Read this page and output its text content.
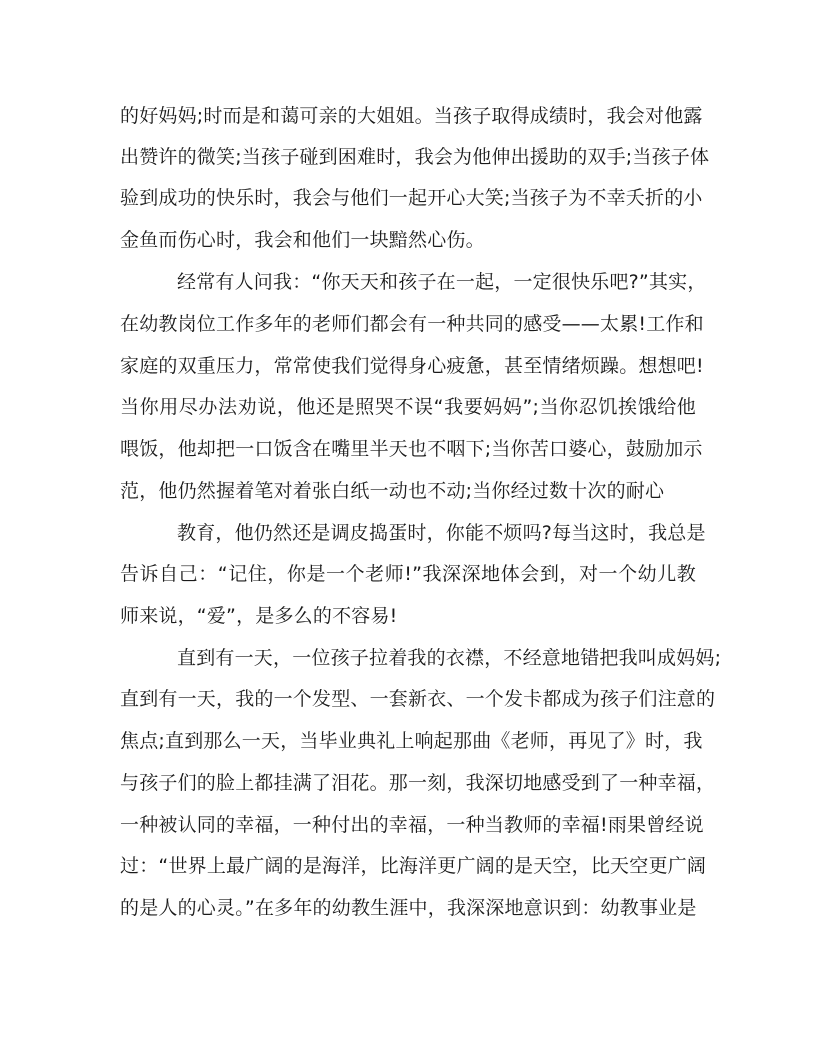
的好妈妈;时而是和蔼可亲的大姐姐。当孩子取得成绩时，我会对他露
出赞许的微笑;当孩子碰到困难时，我会为他伸出援助的双手;当孩子体
验到成功的快乐时，我会与他们一起开心大笑;当孩子为不幸夭折的小
金鱼而伤心时，我会和他们一块黯然心伤。
经常有人问我：“你天天和孩子在一起，一定很快乐吧?”其实，
在幼教岗位工作多年的老师们都会有一种共同的感受——太累!工作和
家庭的双重压力，常常使我们觉得身心疲惫，甚至情绪烦躁。想想吧!
当你用尽办法劝说，他还是照哭不误“我要妈妈”;当你忍饥挨饿给他
喂饭，他却把一口饭含在嘴里半天也不咽下;当你苦口婆心，鼓励加示
范，他仍然握着笔对着张白纸一动也不动;当你经过数十次的耐心
教育，他仍然还是调皮捣蛋时，你能不烦吗?每当这时，我总是
告诉自己：“记住，你是一个老师!”我深深地体会到，对一个幼儿教
师来说，“爱”，是多么的不容易!
直到有一天，一位孩子拉着我的衣襟，不经意地错把我叫成妈妈;
直到有一天，我的一个发型、一套新衣、一个发卡都成为孩子们注意的
焦点;直到那么一天，当毕业典礼上响起那曲《老师，再见了》时，我
与孩子们的脸上都挂满了泪花。那一刻，我深切地感受到了一种幸福，
一种被认同的幸福，一种付出的幸福，一种当教师的幸福!雨果曾经说
过：“世界上最广阔的是海洋，比海洋更广阔的是天空，比天空更广阔
的是人的心灵。”在多年的幼教生涯中，我深深地意识到：幼教事业是
